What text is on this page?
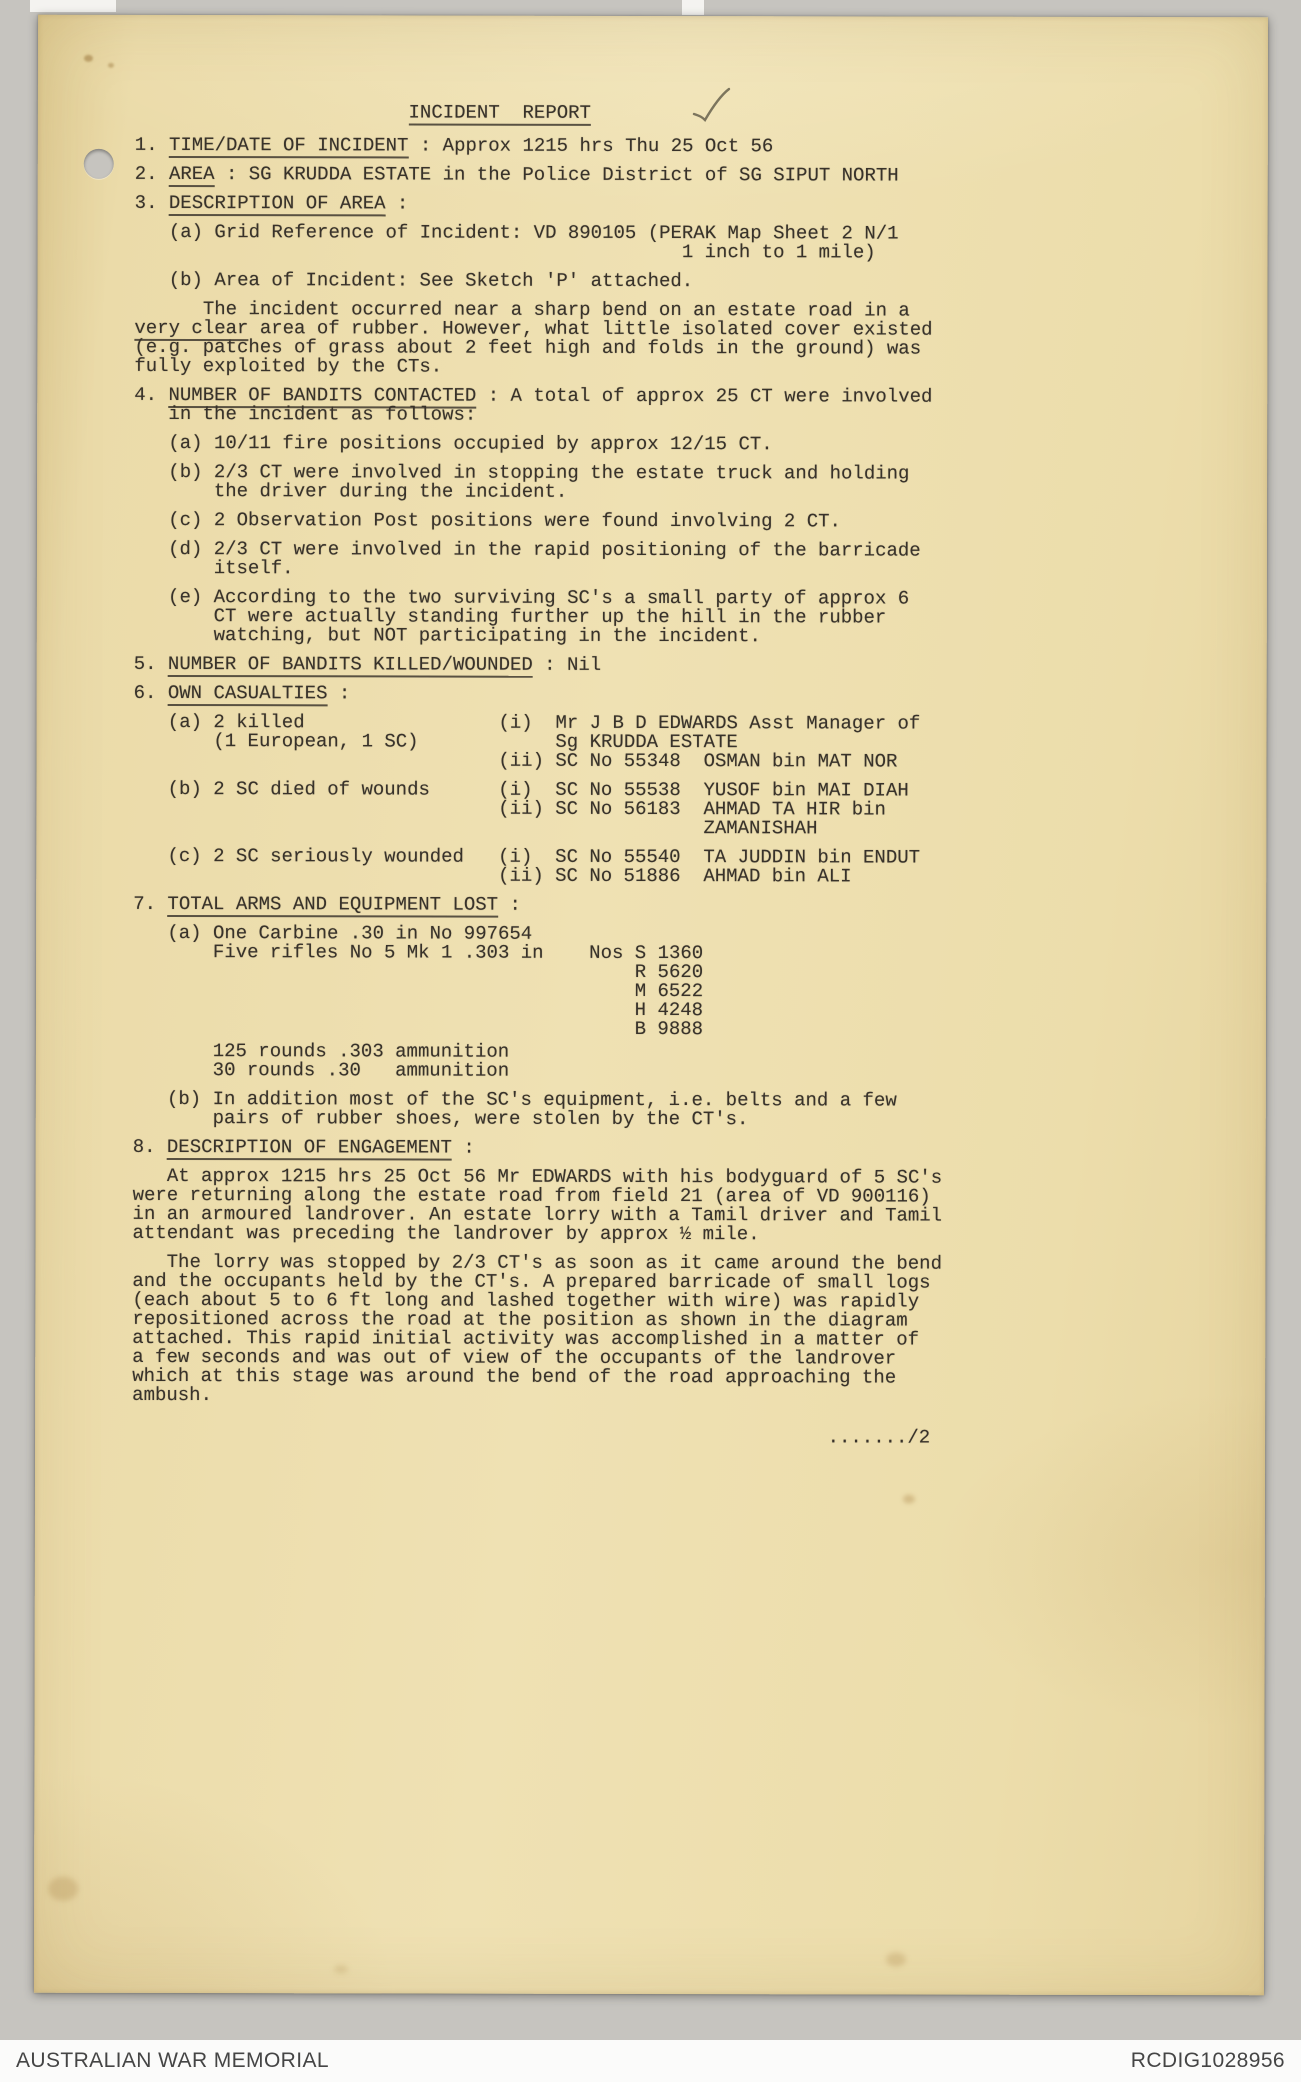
INCIDENT  REPORT
1. TIME/DATE OF INCIDENT : Approx 1215 hrs Thu 25 Oct 56
2. AREA : SG KRUDDA ESTATE in the Police District of SG SIPUT NORTH
3. DESCRIPTION OF AREA :
(a) Grid Reference of Incident: VD 890105 (PERAK Map Sheet 2 N/1
1 inch to 1 mile)
(b) Area of Incident: See Sketch 'P' attached.
The incident occurred near a sharp bend on an estate road in a
very clear area of rubber. However, what little isolated cover existed
(e.g. patches of grass about 2 feet high and folds in the ground) was
fully exploited by the CTs.
4. NUMBER OF BANDITS CONTACTED : A total of approx 25 CT were involved
in the incident as follows:
(a) 10/11 fire positions occupied by approx 12/15 CT.
(b) 2/3 CT were involved in stopping the estate truck and holding
the driver during the incident.
(c) 2 Observation Post positions were found involving 2 CT.
(d) 2/3 CT were involved in the rapid positioning of the barricade
itself.
(e) According to the two surviving SC's a small party of approx 6
CT were actually standing further up the hill in the rubber
watching, but NOT participating in the incident.
5. NUMBER OF BANDITS KILLED/WOUNDED : Nil
6. OWN CASUALTIES :
(a) 2 killed                 (i)  Mr J B D EDWARDS Asst Manager of
(1 European, 1 SC)            Sg KRUDDA ESTATE
(ii) SC No 55348  OSMAN bin MAT NOR
(b) 2 SC died of wounds      (i)  SC No 55538  YUSOF bin MAI DIAH
(ii) SC No 56183  AHMAD TA HIR bin
ZAMANISHAH
(c) 2 SC seriously wounded   (i)  SC No 55540  TA JUDDIN bin ENDUT
(ii) SC No 51886  AHMAD bin ALI
7. TOTAL ARMS AND EQUIPMENT LOST :
(a) One Carbine .30 in No 997654
Five rifles No 5 Mk 1 .303 in    Nos S 1360
R 5620
M 6522
H 4248
B 9888
125 rounds .303 ammunition
30 rounds .30   ammunition
(b) In addition most of the SC's equipment, i.e. belts and a few
pairs of rubber shoes, were stolen by the CT's.
8. DESCRIPTION OF ENGAGEMENT :
At approx 1215 hrs 25 Oct 56 Mr EDWARDS with his bodyguard of 5 SC's
were returning along the estate road from field 21 (area of VD 900116)
in an armoured landrover. An estate lorry with a Tamil driver and Tamil
attendant was preceding the landrover by approx ½ mile.
The lorry was stopped by 2/3 CT's as soon as it came around the bend
and the occupants held by the CT's. A prepared barricade of small logs
(each about 5 to 6 ft long and lashed together with wire) was rapidly
repositioned across the road at the position as shown in the diagram
attached. This rapid initial activity was accomplished in a matter of
a few seconds and was out of view of the occupants of the landrover
which at this stage was around the bend of the road approaching the
ambush.
......./2
AUSTRALIAN WAR MEMORIAL	RCDIG1028956
